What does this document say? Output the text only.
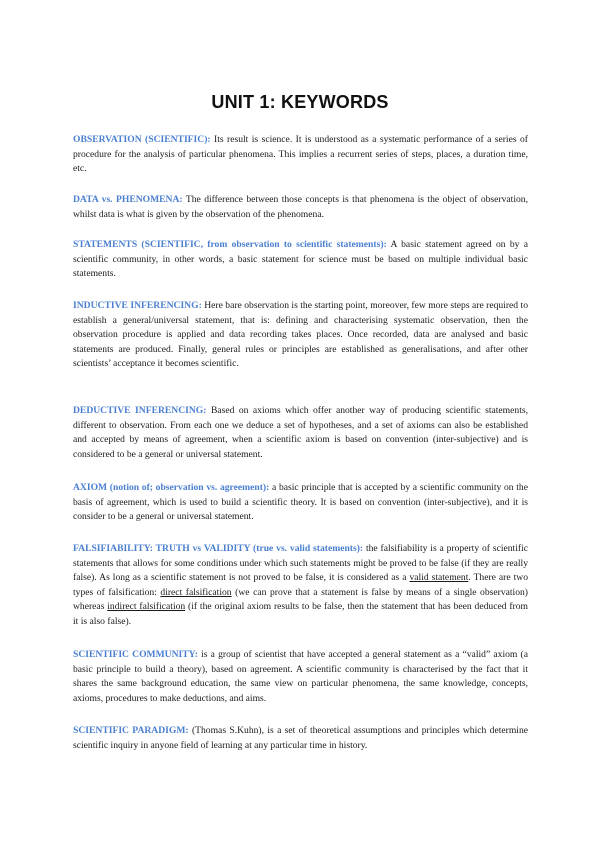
UNIT 1: KEYWORDS

OBSERVATION (SCIENTIFIC): Its result is science. It is understood as a systematic performance of a series of procedure for the analysis of particular phenomena. This implies a recurrent series of steps, places, a duration time, etc.

DATA vs. PHENOMENA: The difference between those concepts is that phenomena is the object of observation, whilst data is what is given by the observation of the phenomena.

STATEMENTS (SCIENTIFIC, from observation to scientific statements): A basic statement agreed on by a scientific community, in other words, a basic statement for science must be based on multiple individual basic statements.

INDUCTIVE INFERENCING: Here bare observation is the starting point, moreover, few more steps are required to establish a general/universal statement, that is: defining and characterising systematic observation, then the observation procedure is applied and data recording takes places. Once recorded, data are analysed and basic statements are produced. Finally, general rules or principles are established as generalisations, and after other scientists’ acceptance it becomes scientific.

DEDUCTIVE INFERENCING: Based on axioms which offer another way of producing scientific statements, different to observation. From each one we deduce a set of hypotheses, and a set of axioms can also be established and accepted by means of agreement, when a scientific axiom is based on convention (inter-subjective) and is considered to be a general or universal statement.

AXIOM (notion of; observation vs. agreement): a basic principle that is accepted by a scientific community on the basis of agreement, which is used to build a scientific theory. It is based on convention (inter-subjective), and it is consider to be a general or universal statement.

FALSIFIABILITY: TRUTH vs VALIDITY (true vs. valid statements): the falsifiability is a property of scientific statements that allows for some conditions under which such statements might be proved to be false (if they are really false). As long as a scientific statement is not proved to be false, it is considered as a valid statement. There are two types of falsification: direct falsification (we can prove that a statement is false by means of a single observation) whereas indirect falsification (if the original axiom results to be false, then the statement that has been deduced from it is also false).

SCIENTIFIC COMMUNITY: is a group of scientist that have accepted a general statement as a “valid” axiom (a basic principle to build a theory), based on agreement. A scientific community is characterised by the fact that it shares the same background education, the same view on particular phenomena, the same knowledge, concepts, axioms, procedures to make deductions, and aims.

SCIENTIFIC PARADIGM: (Thomas S.Kuhn), is a set of theoretical assumptions and principles which determine scientific inquiry in anyone field of learning at any particular time in history.
